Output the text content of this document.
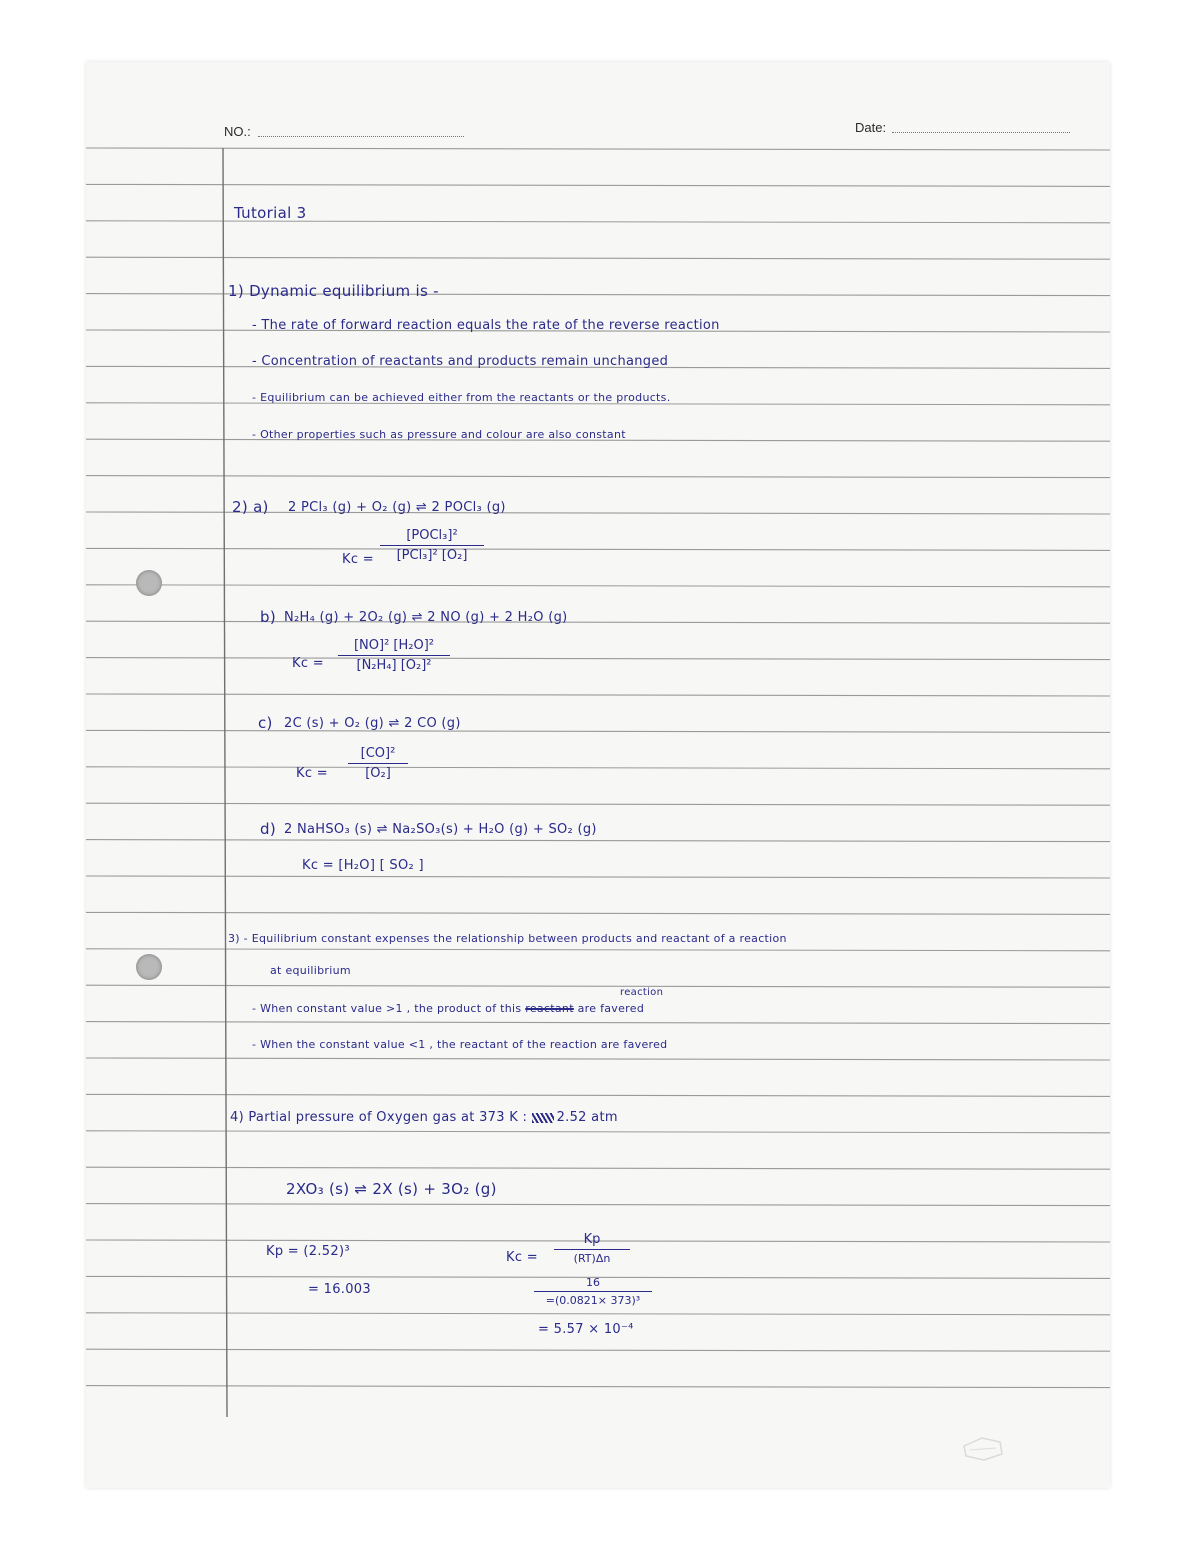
NO.:	Date:
Tutorial 3
1) Dynamic equilibrium is -
- The rate of forward reaction equals the rate of the reverse reaction
- Concentration of reactants and products remain unchanged
- Equilibrium can be achieved either from the reactants or the products.
- Other properties such as pressure and colour are also constant
2) a) 2 PCl₃ (g) + O₂ (g) ⇌ 2 POCl₃ (g)
Kc =
[POCl₃]²
[PCl₃]² [O₂]
b) N₂H₄ (g) + 2O₂ (g) ⇌ 2 NO (g) + 2 H₂O (g)
Kc =
[NO]² [H₂O]²
[N₂H₄] [O₂]²
c) 2C (s) + O₂ (g) ⇌ 2 CO (g)
Kc =
[CO]²
[O₂]
d) 2 NaHSO₃ (s) ⇌ Na₂SO₃(s) + H₂O (g) + SO₂ (g)
Kc = [H₂O] [ SO₂ ]
3) - Equilibrium constant expenses the relationship between products and reactant of a reaction
at equilibrium
reaction
- When constant value >1 , the product of this reactant are favered
- When the constant value <1 , the reactant of the reaction are favered
4) Partial pressure of Oxygen gas at 373 K : 2.52 atm
2XO₃ (s) ⇌ 2X (s) + 3O₂ (g)
Kp = (2.52)³
= 16.003
Kc =
Kp
(RT)Δn
16
=(0.0821× 373)³
= 5.57 × 10⁻⁴
